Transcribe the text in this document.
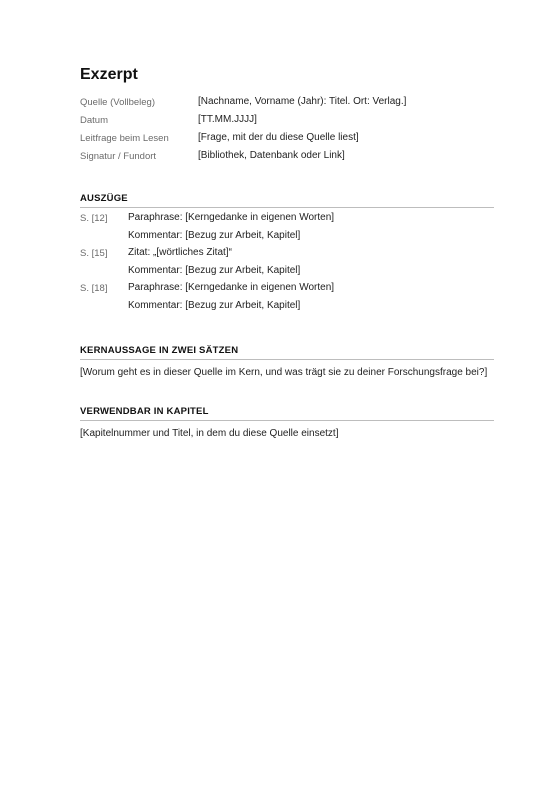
Exzerpt
Quelle (Vollbeleg)	[Nachname, Vorname (Jahr): Titel. Ort: Verlag.]
Datum	[TT.MM.JJJJ]
Leitfrage beim Lesen	[Frage, mit der du diese Quelle liest]
Signatur / Fundort	[Bibliothek, Datenbank oder Link]
AUSZÜGE
S. [12] Paraphrase: [Kerngedanke in eigenen Worten]
Kommentar: [Bezug zur Arbeit, Kapitel]
S. [15] Zitat: „[wörtliches Zitat]“
Kommentar: [Bezug zur Arbeit, Kapitel]
S. [18] Paraphrase: [Kerngedanke in eigenen Worten]
Kommentar: [Bezug zur Arbeit, Kapitel]
KERNAUSSAGE IN ZWEI SÄTZEN
[Worum geht es in dieser Quelle im Kern, und was trägt sie zu deiner Forschungsfrage bei?]
VERWENDBAR IN KAPITEL
[Kapitelnummer und Titel, in dem du diese Quelle einsetzt]
